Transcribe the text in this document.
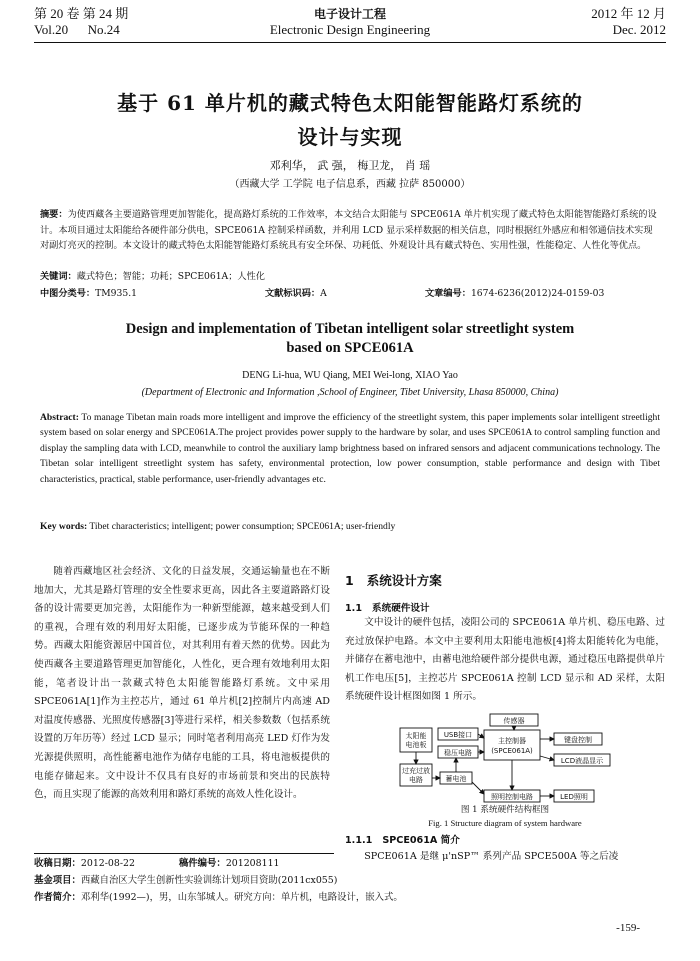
第 20 卷 第 24 期
Vol.20      No.24
电子设计工程
Electronic Design Engineering
2012 年 12 月
Dec. 2012
基于 61 单片机的藏式特色太阳能智能路灯系统的
设计与实现
邓利华， 武 强， 梅卫龙， 肖 瑶
（西藏大学 工学院 电子信息系，西藏 拉萨 850000）
摘要：为使西藏各主要道路管理更加智能化，提高路灯系统的工作效率，本文结合太阳能与 SPCE061A 单片机实现了藏式特色太阳能智能路灯系统的设计。本项目通过太阳能给各硬件部分供电，SPCE061A 控制采样函数，并利用 LCD 显示采样数据的相关信息，同时根据红外感应和相邻通信技术实现对副灯亮灭的控制。本文设计的藏式特色太阳能智能路灯系统具有安全环保、功耗低、外观设计具有藏式特色、实用性强，性能稳定、人性化等优点。
关键词：藏式特色；智能；功耗；SPCE061A；人性化
中图分类号：TM935.1	文献标识码：A	文章编号：1674-6236(2012)24-0159-03
Design and implementation of Tibetan intelligent solar streetlight system
based on SPCE061A
DENG Li-hua, WU Qiang, MEI Wei-long, XIAO Yao
(Department of Electronic and Information ,School of Engineer, Tibet University, Lhasa 850000, China)
Abstract: To manage Tibetan main roads more intelligent and improve the efficiency of the streetlight system, this paper implements solar intelligent streetlight system based on solar energy and SPCE061A.The project provides power supply to the hardware by solar, and uses SPCE061A to control sampling function and display the sampling data with LCD, meanwhile to control the auxiliary lamp brightness based on infrared sensors and adjacent communications technology. The Tibetan solar intelligent streetlight system has safety, environmental protection, low power consumption, stable performance and design with Tibet characteristics, practical, stable performance, user-friendly advantages etc.
Key words: Tibet characteristics; intelligent; power consumption; SPCE061A; user-friendly
随着西藏地区社会经济、文化的日益发展，交通运输量也在不断地加大，尤其是路灯管理的安全性要求更高，因此各主要道路路灯设备的设计需要更加完善，太阳能作为一种新型能源，越来越受到人们的重视，合理有效的利用好太阳能，已逐步成为节能环保的一种趋势。西藏太阳能资源居中国首位，对其利用有着天然的优势。因此为使西藏各主要道路管理更加智能化，人性化，更合理有效地利用太阳能，笔者设计出一款藏式特色太阳能智能路灯系统。文中采用 SPCE061A[1]作为主控芯片，通过 61 单片机[2]控制片内高速 AD 对温度传感器、光照度传感器[3]等进行采样，相关参数数（包括系统设置的万年历等）经过 LCD 显示；同时笔者利用高亮 LED 灯作为发光源提供照明，高性能蓄电池作为储存电能的工具，将电池板提供的电能存储起来。文中设计不仅具有良好的市场前景和突出的民族特色，而且实现了能源的高效利用和路灯系统的高效人性化设计。
1   系统设计方案
1.1   系统硬件设计
文中设计的硬件包括，凌阳公司的 SPCE061A 单片机、稳压电路、过充过放保护电路。本文中主要利用太阳能电池板[4]将太阳能转化为电能，并储存在蓄电池中，由蓄电池给硬件部分提供电源，通过稳压电路提供单片机工作电压[5]，主控芯片 SPCE061A 控制 LCD 显示和 AD 采样，太阳系统硬件设计框图如图 1 所示。
传感器
太阳能
电池板
USB接口
稳压电路
主控制器
(SPCE061A)
键盘控制
LCD液晶显示
过充过放
电路	蓄电池
照明控制电路	LED照明
图 1 系统硬件结构框图
Fig. 1 Structure diagram of system hardware
1.1.1   SPCE061A 简介
SPCE061A 是继 μ'nSP™ 系列产品 SPCE500A 等之后凌
收稿日期：2012-08-22	稿件编号：201208111
基金项目：西藏自治区大学生创新性实验训练计划项目资助(2011cx055)
作者简介：邓利华(1992—)，男，山东邹城人。研究方向：单片机，电路设计，嵌入式。
-159-
